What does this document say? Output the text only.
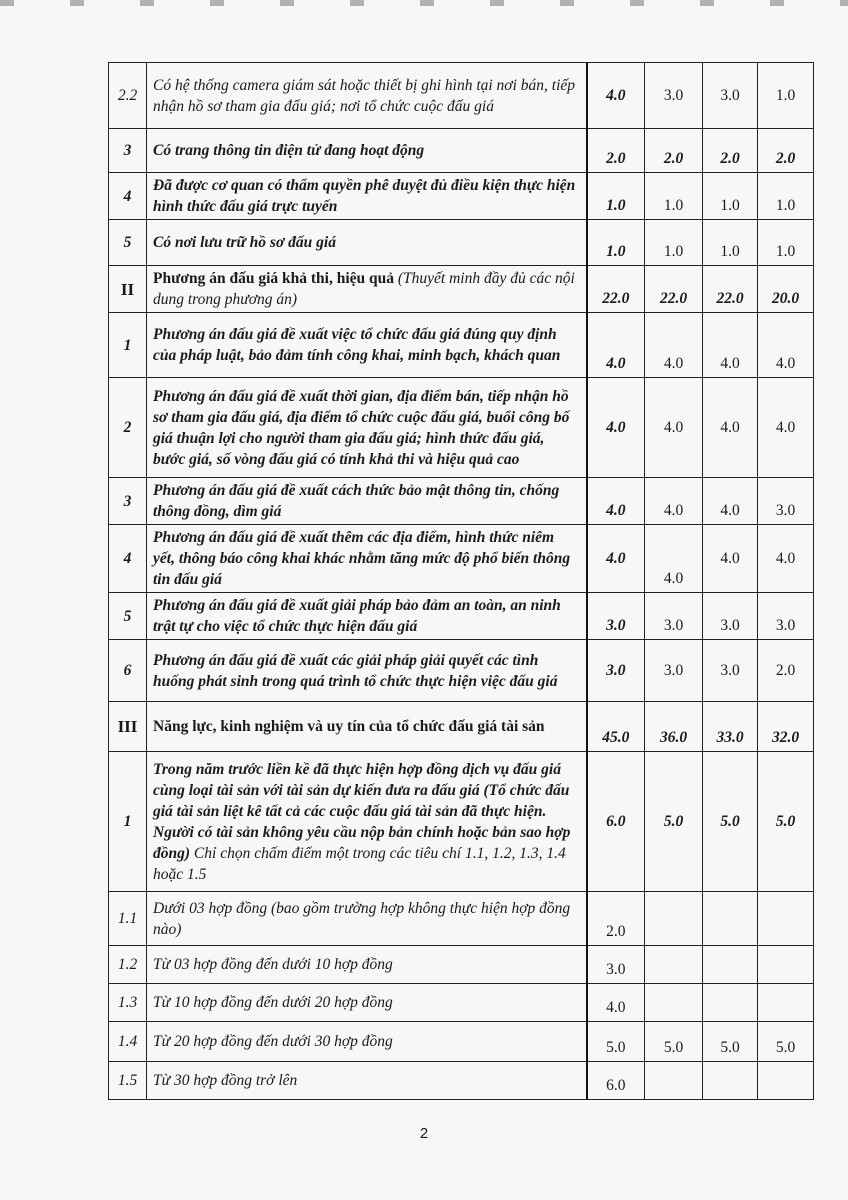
2.2	Có hệ thống camera giám sát hoặc thiết bị ghi hình tại nơi bán, tiếp nhận hồ sơ tham gia đấu giá; nơi tổ chức cuộc đấu giá	4.0	3.0	3.0	1.0
3	Có trang thông tin điện tử đang hoạt động	2.0	2.0	2.0	2.0
4	Đã được cơ quan có thẩm quyền phê duyệt đủ điều kiện thực hiện hình thức đấu giá trực tuyến	1.0	1.0	1.0	1.0
5	Có nơi lưu trữ hồ sơ đấu giá	1.0	1.0	1.0	1.0
II	Phương án đấu giá khả thi, hiệu quả (Thuyết minh đầy đủ các nội dung trong phương án)	22.0	22.0	22.0	20.0
1	Phương án đấu giá đề xuất việc tổ chức đấu giá đúng quy định của pháp luật, bảo đảm tính công khai, minh bạch, khách quan	4.0	4.0	4.0	4.0
2	Phương án đấu giá đề xuất thời gian, địa điểm bán, tiếp nhận hồ sơ tham gia đấu giá, địa điểm tổ chức cuộc đấu giá, buổi công bố giá thuận lợi cho người tham gia đấu giá; hình thức đấu giá, bước giá, số vòng đấu giá có tính khả thi và hiệu quả cao	4.0	4.0	4.0	4.0
3	Phương án đấu giá đề xuất cách thức bảo mật thông tin, chống thông đồng, dìm giá	4.0	4.0	4.0	3.0
4	Phương án đấu giá đề xuất thêm các địa điểm, hình thức niêm yết, thông báo công khai khác nhằm tăng mức độ phổ biến thông tin đấu giá	4.0	4.0	4.0	4.0
5	Phương án đấu giá đề xuất giải pháp bảo đảm an toàn, an ninh trật tự cho việc tổ chức thực hiện đấu giá	3.0	3.0	3.0	3.0
6	Phương án đấu giá đề xuất các giải pháp giải quyết các tình huống phát sinh trong quá trình tổ chức thực hiện việc đấu giá	3.0	3.0	3.0	2.0
III	Năng lực, kinh nghiệm và uy tín của tổ chức đấu giá tài sản	45.0	36.0	33.0	32.0
1	Trong năm trước liền kề đã thực hiện hợp đồng dịch vụ đấu giá cùng loại tài sản với tài sản dự kiến đưa ra đấu giá (Tổ chức đấu giá tài sản liệt kê tất cả các cuộc đấu giá tài sản đã thực hiện. Người có tài sản không yêu cầu nộp bản chính hoặc bản sao hợp đồng) Chỉ chọn chấm điểm một trong các tiêu chí 1.1, 1.2, 1.3, 1.4 hoặc 1.5	6.0	5.0	5.0	5.0
1.1	Dưới 03 hợp đồng (bao gồm trường hợp không thực hiện hợp đồng nào)	2.0			
1.2	Từ 03 hợp đồng đến dưới 10 hợp đồng	3.0			
1.3	Từ 10 hợp đồng đến dưới 20 hợp đồng	4.0			
1.4	Từ 20 hợp đồng đến dưới 30 hợp đồng	5.0	5.0	5.0	5.0
1.5	Từ 30 hợp đồng trở lên	6.0			
2
